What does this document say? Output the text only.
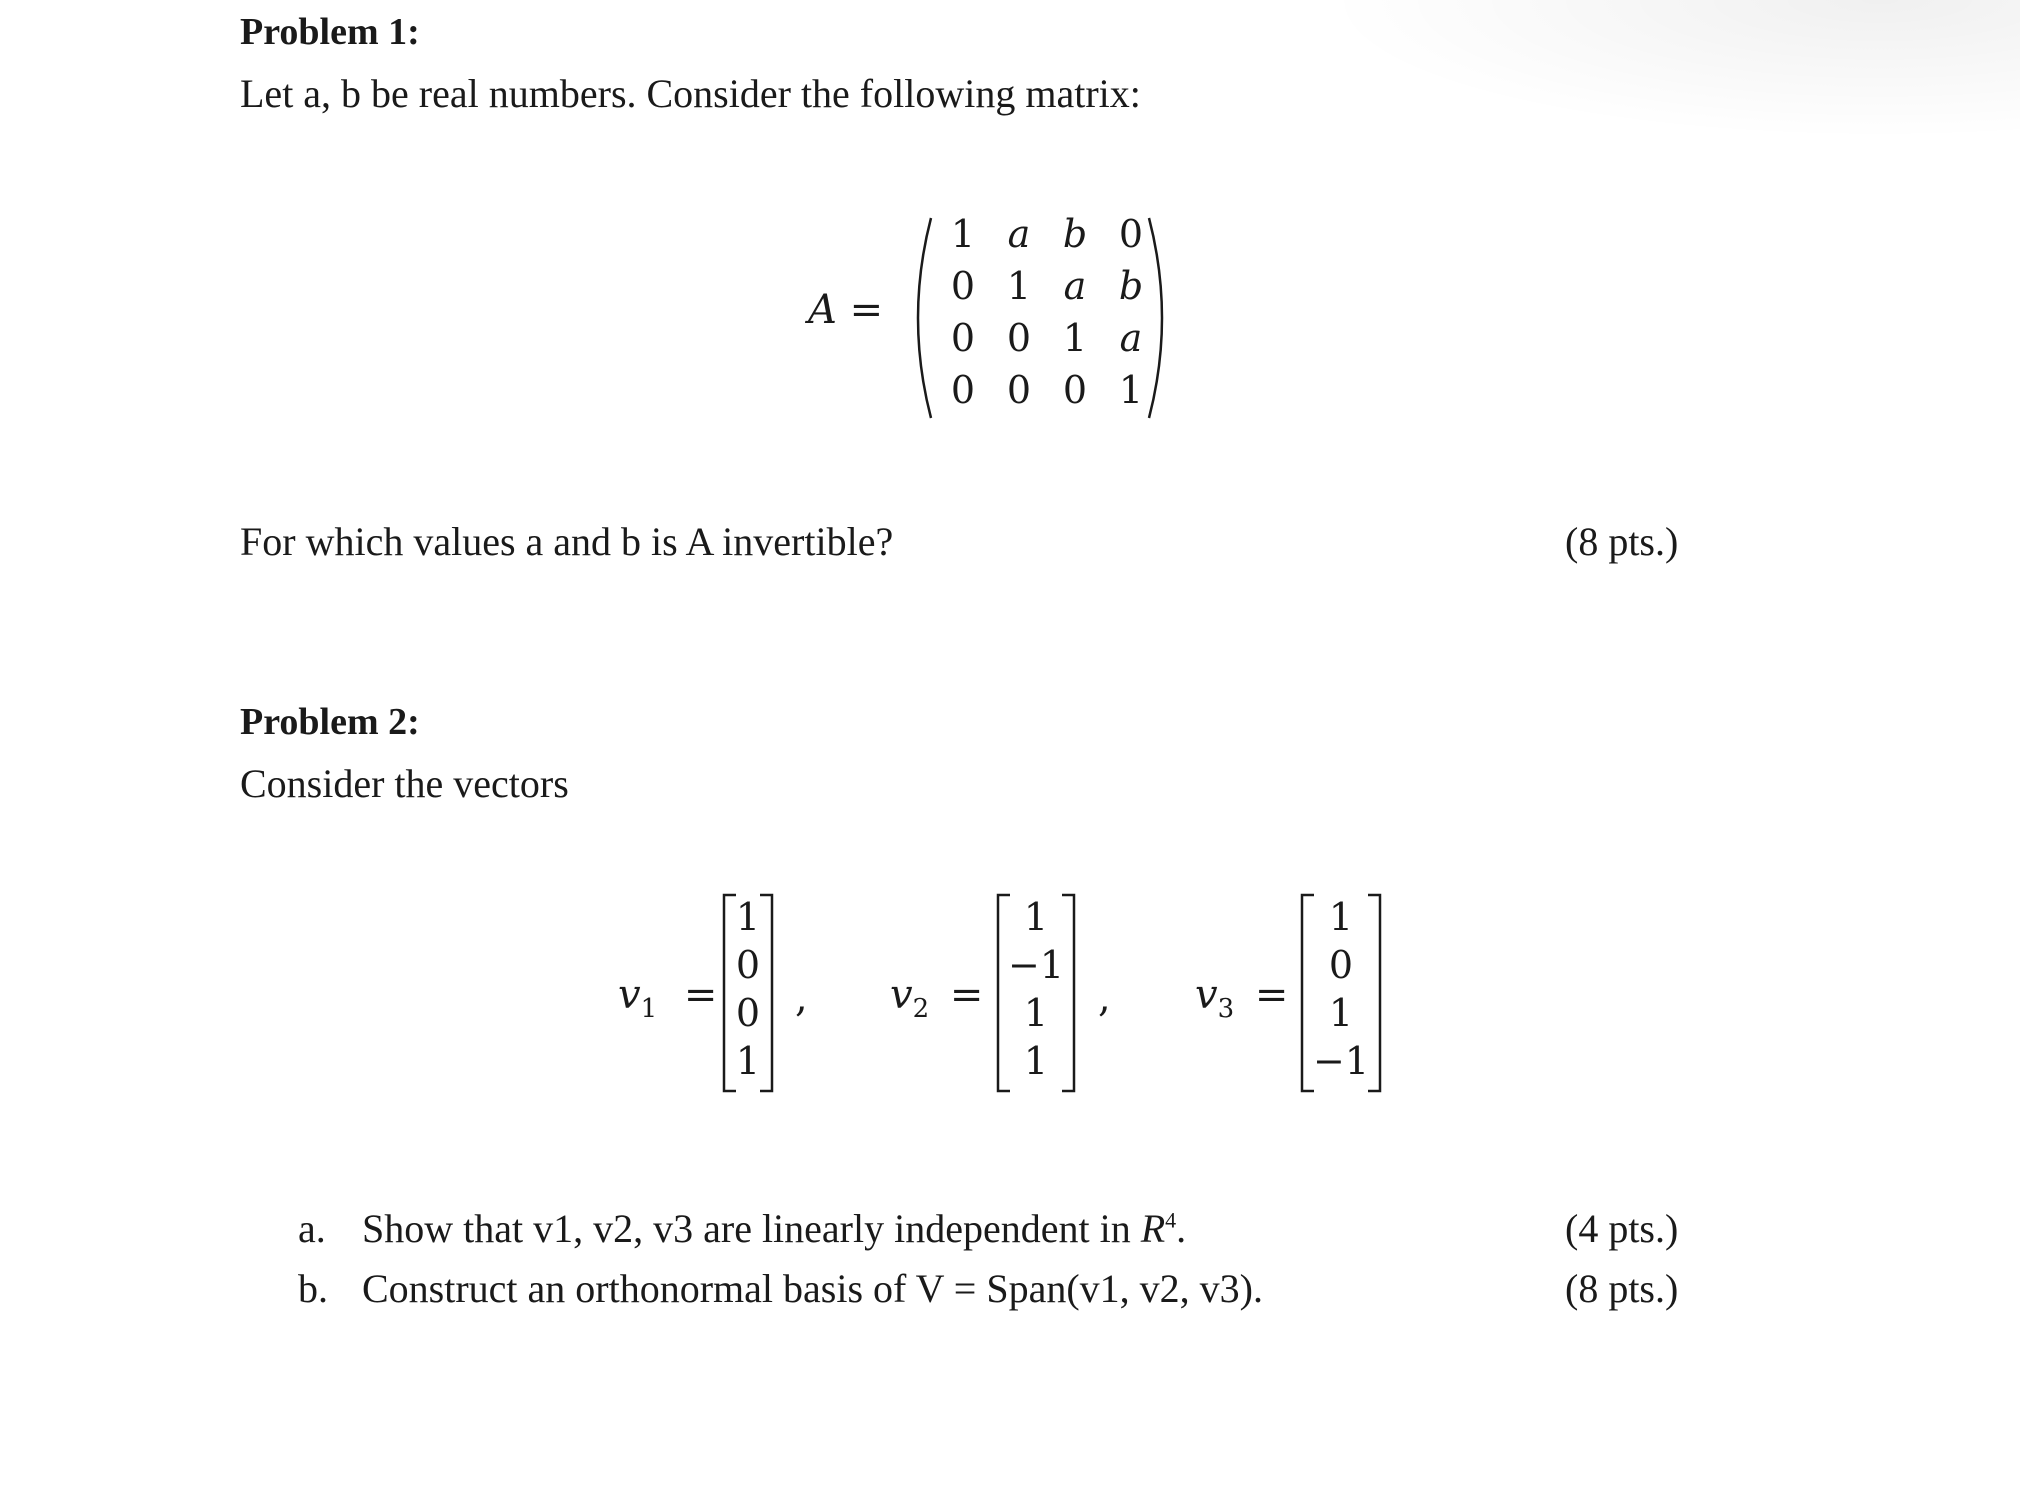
Problem 1:
Let a, b be real numbers. Consider the following matrix:
A =
1 a b 0
0 1 a b
0 0 1 a
0 0 0 1
For which values a and b is A invertible?	(8 pts.)
Problem 2:
Consider the vectors
$v_1$ =
1
0
0
1
, $v_2$ =
1
−1
1
1
, $v_3$ =
1
0
1
−1
a. Show that v1, v2, v3 are linearly independent in $R^4$.	(4 pts.)
b. Construct an orthonormal basis of V = Span(v1, v2, v3).	(8 pts.)
